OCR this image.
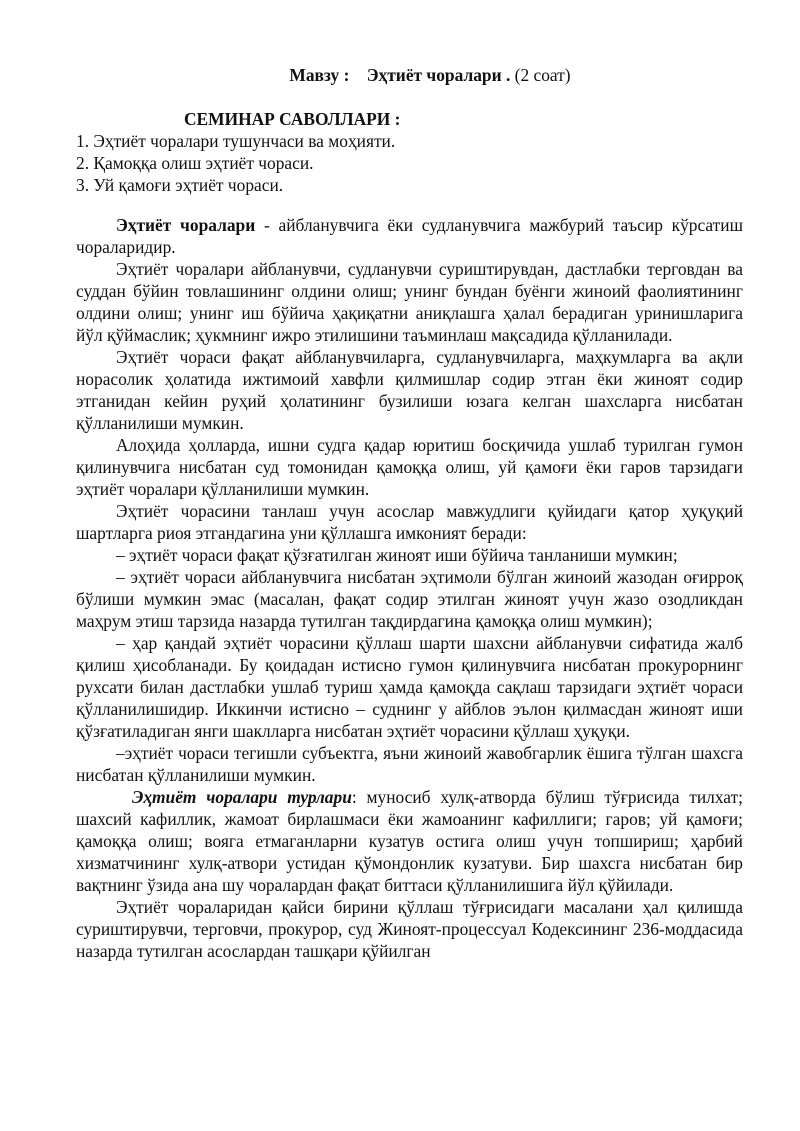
Мавзу : Эҳтиёт чоралари . (2 соат)
СЕМИНАР САВОЛЛАРИ :
1. Эҳтиёт чоралари тушунчаси ва моҳияти.
2. Қамоққа олиш эҳтиёт чораси.
3. Уй қамоғи эҳтиёт чораси.

Эҳтиёт чоралари - айбланувчига ёки судланувчига мажбурий таъсир кўрсатиш чораларидир.

Эҳтиёт чоралари айбланувчи, судланувчи суриштирувдан, дастлабки терговдан ва суддан бўйин товлашининг олдини олиш; унинг бундан буёнги жиноий фаолиятининг олдини олиш; унинг иш бўйича ҳақиқатни аниқлашга ҳалал берадиган уринишларига йўл қўймаслик; ҳукмнинг ижро этилишини таъминлаш мақсадида қўлланилади.

Эҳтиёт чораси фақат айбланувчиларга, судланувчиларга, маҳкумларга ва ақли норасолик ҳолатида ижтимоий хавфли қилмишлар содир этган ёки жиноят содир этганидан кейин руҳий ҳолатининг бузилиши юзага келган шахсларга нисбатан қўлланилиши мумкин.

Алоҳида ҳолларда, ишни судга қадар юритиш босқичида ушлаб турилган гумон қилинувчига нисбатан суд томонидан қамоққа олиш, уй қамоғи ёки гаров тарзидаги эҳтиёт чоралари қўлланилиши мумкин.

Эҳтиёт чорасини танлаш учун асослар мавжудлиги қуйидаги қатор ҳуқуқий шартларга риоя этгандагина уни қўллашга имконият беради:

– эҳтиёт чораси фақат қўзғатилган жиноят иши бўйича танланиши мумкин;

– эҳтиёт чораси айбланувчига нисбатан эҳтимоли бўлган жиноий жазодан оғирроқ бўлиши мумкин эмас (масалан, фақат содир этилган жиноят учун жазо озодликдан маҳрум этиш тарзида назарда тутилган тақдирдагина қамоққа олиш мумкин);

– ҳар қандай эҳтиёт чорасини қўллаш шарти шахсни айбланувчи сифатида жалб қилиш ҳисобланади. Бу қоидадан истисно гумон қилинувчига нисбатан прокурорнинг рухсати билан дастлабки ушлаб туриш ҳамда қамоқда сақлаш тарзидаги эҳтиёт чораси қўлланилишидир. Иккинчи истисно – суднинг у айблов эълон қилмасдан жиноят иши қўзғатиладиган янги шаклларга нисбатан эҳтиёт чорасини қўллаш ҳуқуқи.

–эҳтиёт чораси тегишли субъектга, яъни жиноий жавобгарлик ёшига тўлган шахсга нисбатан қўлланилиши мумкин.

Эҳтиёт чоралари турлари: муносиб хулқ-атворда бўлиш тўғрисида тилхат; шахсий кафиллик, жамоат бирлашмаси ёки жамоанинг кафиллиги; гаров; уй қамоғи; қамоққа олиш; вояга етмаганларни кузатув остига олиш учун топшириш; ҳарбий хизматчининг хулқ-атвори устидан қўмондонлик кузатуви. Бир шахсга нисбатан бир вақтнинг ўзида ана шу чоралардан фақат биттаси қўлланилишига йўл қўйилади.

Эҳтиёт чораларидан қайси бирини қўллаш тўғрисидаги масалани ҳал қилишда суриштирувчи, терговчи, прокурор, суд Жиноят-процессуал Кодексининг 236-моддасида назарда тутилган асослардан ташқари қўйилган
